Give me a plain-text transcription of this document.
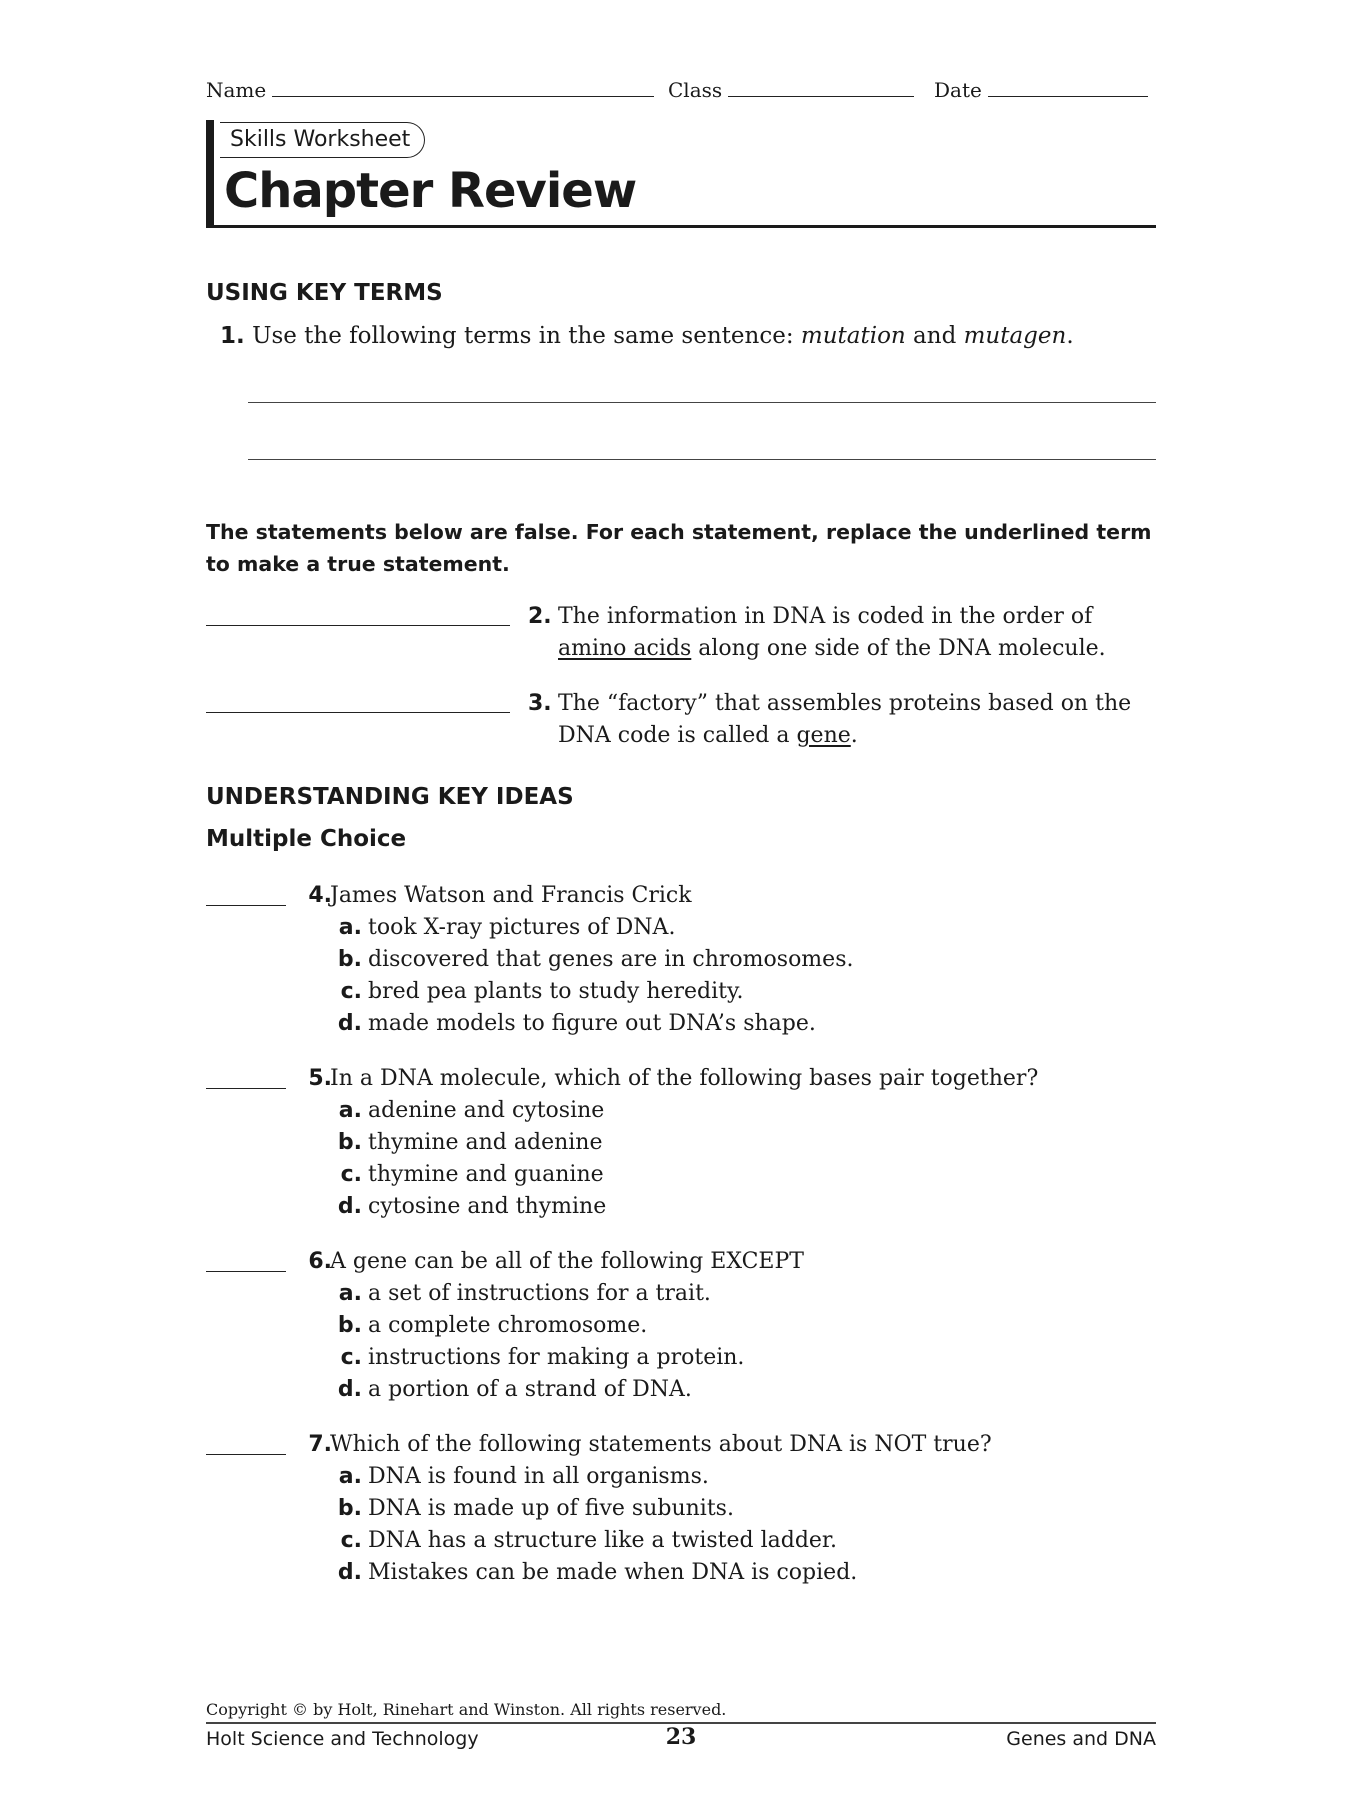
Name	Class	Date
Skills Worksheet
Chapter Review
USING KEY TERMS
1. Use the following terms in the same sentence: mutation and mutagen.
The statements below are false. For each statement, replace the underlined term to make a true statement.
2. The information in DNA is coded in the order of
amino acids along one side of the DNA molecule.
3. The “factory” that assembles proteins based on the
DNA code is called a gene.
UNDERSTANDING KEY IDEAS
Multiple Choice
4.
James Watson and Francis Crick
a. took X-ray pictures of DNA.
b. discovered that genes are in chromosomes.
c. bred pea plants to study heredity.
d. made models to figure out DNA’s shape.
5.
In a DNA molecule, which of the following bases pair together?
a. adenine and cytosine
b. thymine and adenine
c. thymine and guanine
d. cytosine and thymine
6.
A gene can be all of the following EXCEPT
a. a set of instructions for a trait.
b. a complete chromosome.
c. instructions for making a protein.
d. a portion of a strand of DNA.
7.
Which of the following statements about DNA is NOT true?
a. DNA is found in all organisms.
b. DNA is made up of five subunits.
c. DNA has a structure like a twisted ladder.
d. Mistakes can be made when DNA is copied.
Copyright © by Holt, Rinehart and Winston. All rights reserved.
Holt Science and Technology	23	Genes and DNA
